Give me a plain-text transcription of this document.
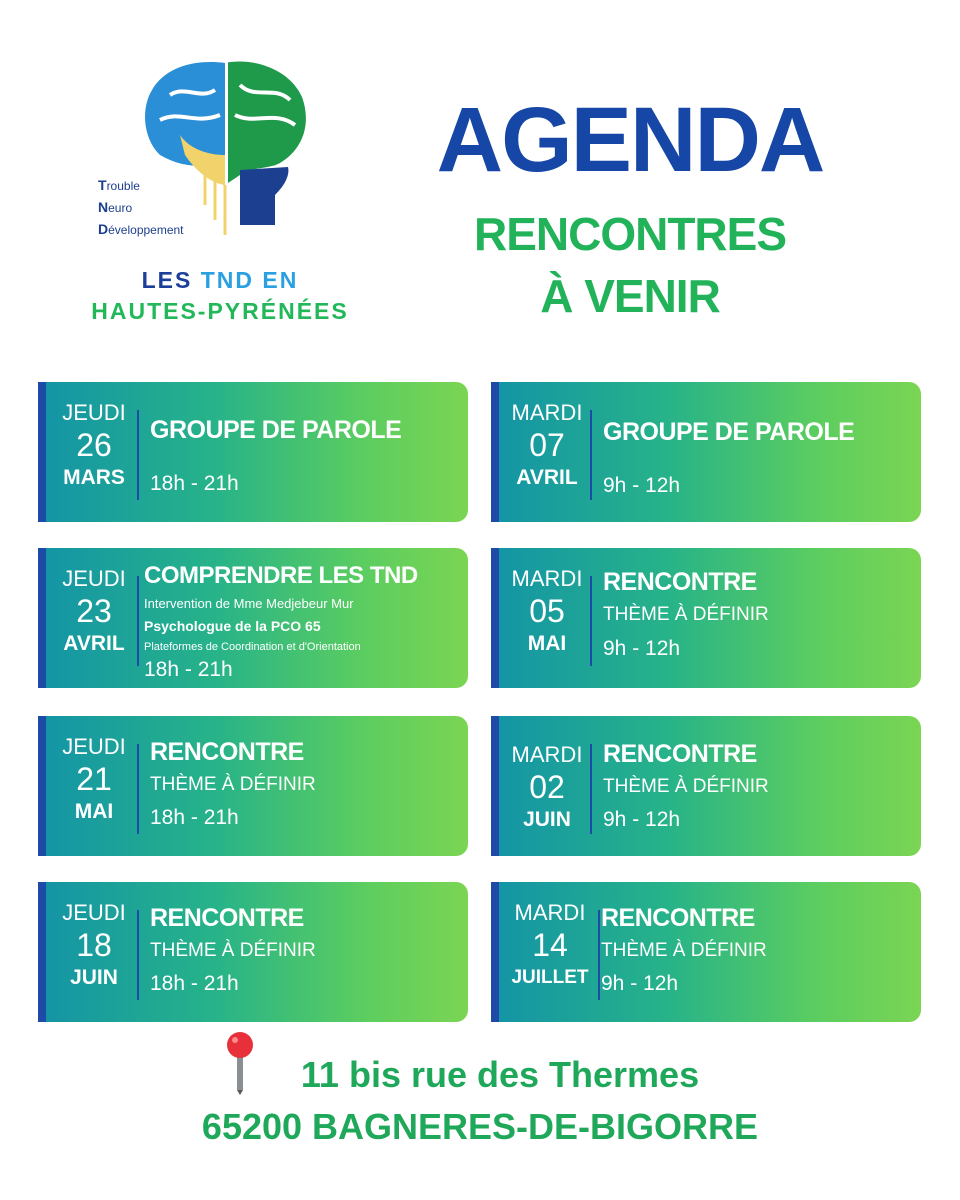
Trouble
Neuro
Développement
LES TND EN
HAUTES-PYRÉNÉES
AGENDA
RENCONTRES
À VENIR
JEUDI
26
MARS
GROUPE DE PAROLE
18h - 21h
MARDI
07
AVRIL
GROUPE DE PAROLE
9h - 12h
JEUDI
23
AVRIL
COMPRENDRE LES TND
Intervention de Mme Medjebeur Mur
Psychologue de la PCO 65
Plateformes de Coordination et d'Orientation
18h - 21h
MARDI
05
MAI
RENCONTRE
THÈME À DÉFINIR
9h - 12h
JEUDI
21
MAI
RENCONTRE
THÈME À DÉFINIR
18h - 21h
MARDI
02
JUIN
RENCONTRE
THÈME À DÉFINIR
9h - 12h
JEUDI
18
JUIN
RENCONTRE
THÈME À DÉFINIR
18h - 21h
MARDI
14
JUILLET
RENCONTRE
THÈME À DÉFINIR
9h - 12h
11 bis rue des Thermes
65200 BAGNERES-DE-BIGORRE
